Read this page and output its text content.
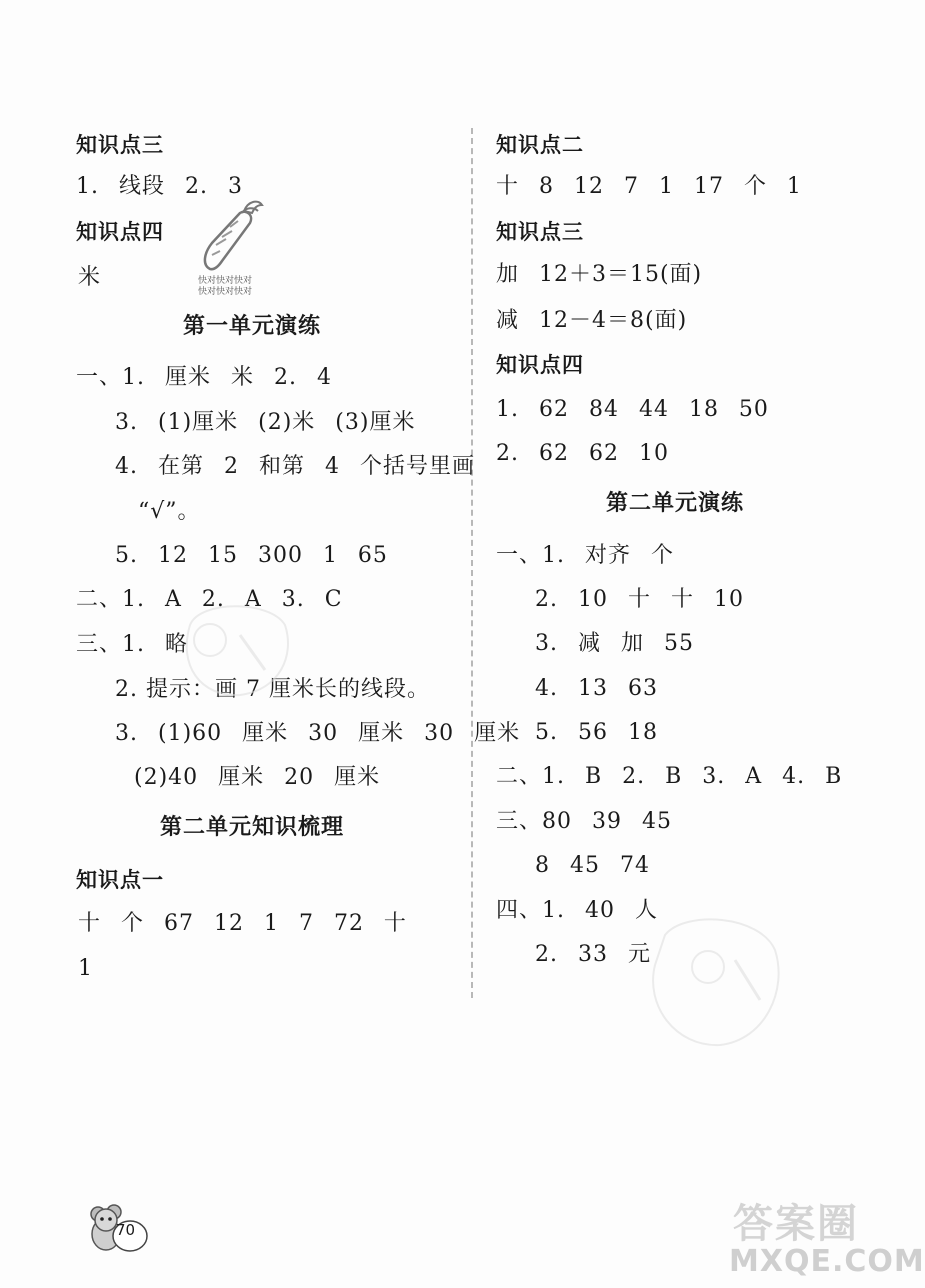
知识点三
1. 线段 2. 3
知识点四
米
第一单元演练
一、1. 厘米 米 2. 4
3. (1)厘米 (2)米 (3)厘米
4. 在第 2 和第 4 个括号里画
“√”。
5. 12 15 300 1 65
二、1. A 2. A 3. C
三、1. 略
2. 提示：画 7 厘米长的线段。
3. (1)60 厘米 30 厘米 30 厘米
(2)40 厘米 20 厘米
第二单元知识梳理
知识点一
十 个 67 12 1 7 72 十
1
知识点二
十 8 12 7 1 17 个 1
知识点三
加 12＋3＝15(面)
减 12－4＝8(面)
知识点四
1. 62 84 44 18 50
2. 62 62 10
第二单元演练
一、1. 对齐 个
2. 10 十 十 10
3. 减 加 55
4. 13 63
5. 56 18
二、1. B 2. B 3. A 4. B
三、80 39 45
8 45 74
四、1. 40 人
2. 33 元
快对快对快对
快对快对快对
70	答案圈
MXQE.COM
